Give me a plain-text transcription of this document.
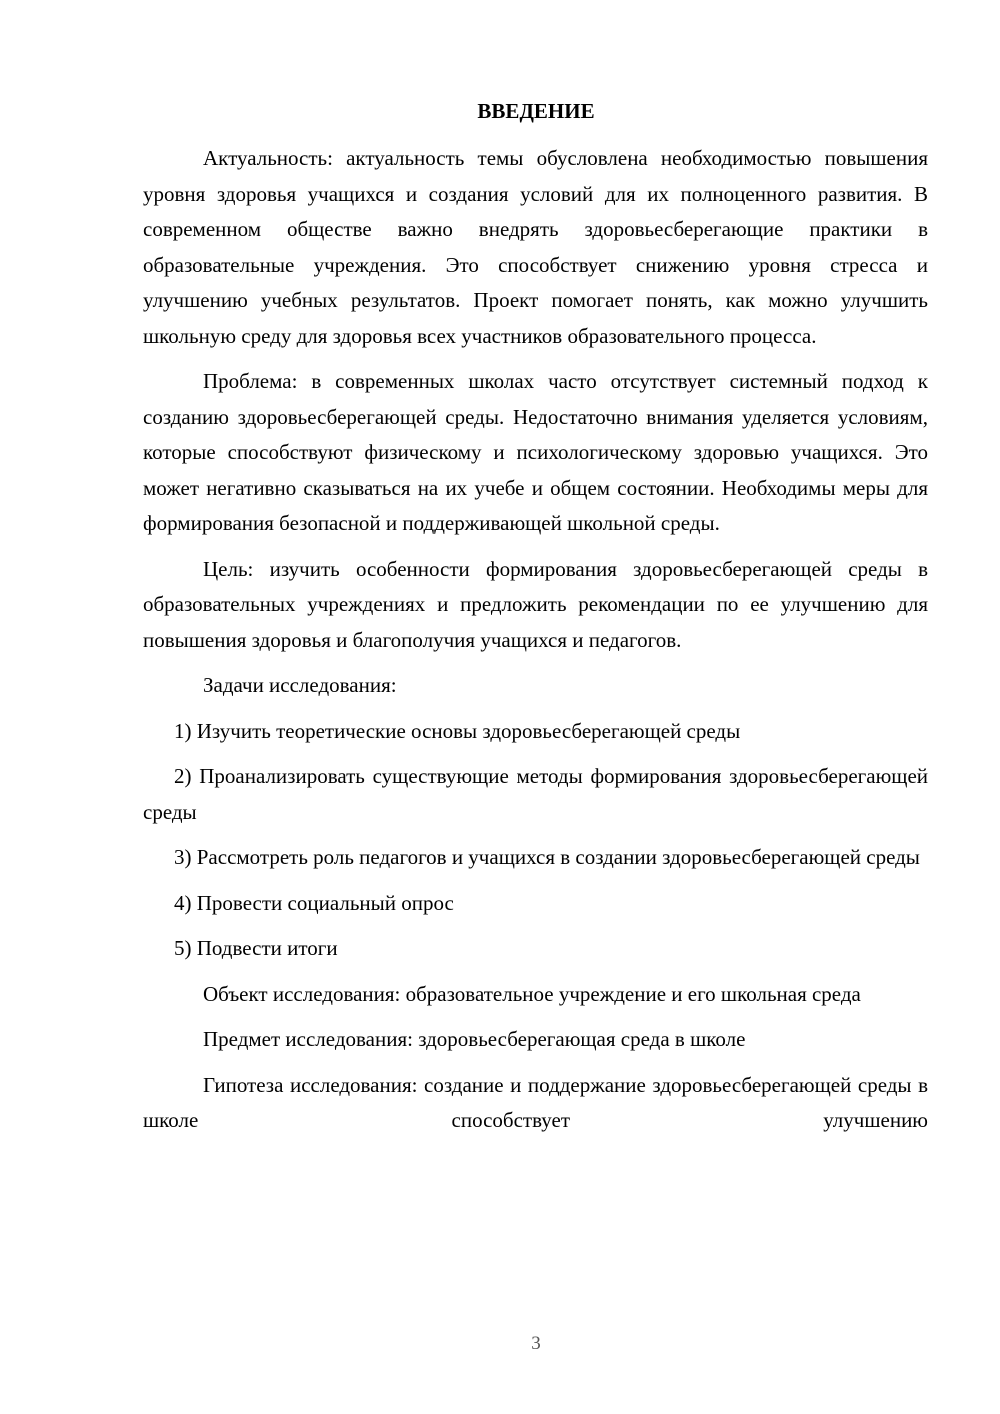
ВВЕДЕНИЕ

Актуальность: актуальность темы обусловлена необходимостью повышения уровня здоровья учащихся и создания условий для их полноценного развития. В современном обществе важно внедрять здоровьесберегающие практики в образовательные учреждения. Это способствует снижению уровня стресса и улучшению учебных результатов. Проект помогает понять, как можно улучшить школьную среду для здоровья всех участников образовательного процесса.

Проблема: в современных школах часто отсутствует системный подход к созданию здоровьесберегающей среды. Недостаточно внимания уделяется условиям, которые способствуют физическому и психологическому здоровью учащихся. Это может негативно сказываться на их учебе и общем состоянии. Необходимы меры для формирования безопасной и поддерживающей школьной среды.

Цель: изучить особенности формирования здоровьесберегающей среды в образовательных учреждениях и предложить рекомендации по ее улучшению для повышения здоровья и благополучия учащихся и педагогов.

Задачи исследования:

1) Изучить теоретические основы здоровьесберегающей среды

2) Проанализировать существующие методы формирования здоровьесберегающей среды

3) Рассмотреть роль педагогов и учащихся в создании здоровьесберегающей среды

4) Провести социальный опрос

5) Подвести итоги

Объект исследования: образовательное учреждение и его школьная среда

Предмет исследования: здоровьесберегающая среда в школе

Гипотеза исследования: создание и поддержание здоровьесберегающей среды в школе способствует улучшению

3
